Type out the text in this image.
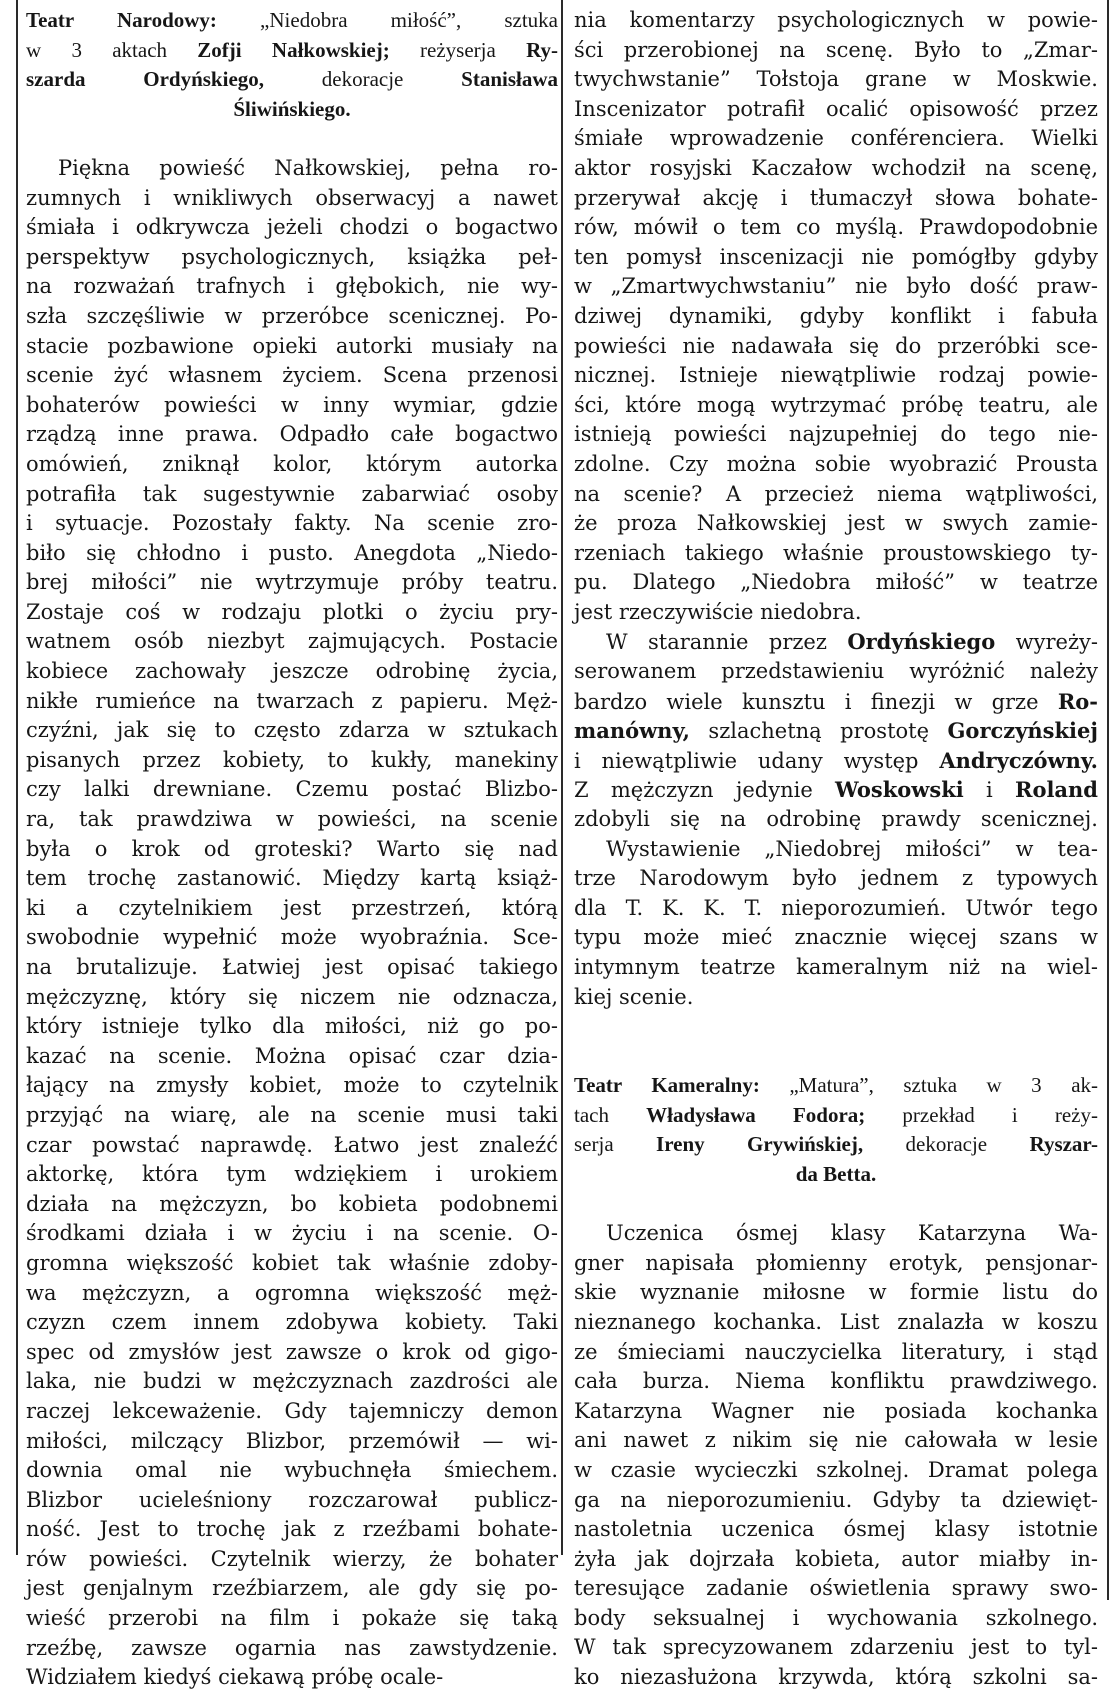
Teatr Narodowy: „Niedobra miłość”, sztuka
w 3 aktach Zofji Nałkowskiej; reżyserja Ry-
szarda Ordyńskiego, dekoracje Stanisława
Śliwińskiego.
Piękna powieść Nałkowskiej, pełna ro-
zumnych i wnikliwych obserwacyj a nawet
śmiała i odkrywcza jeżeli chodzi o bogactwo
perspektyw psychologicznych, książka peł-
na rozważań trafnych i głębokich, nie wy-
szła szczęśliwie w przeróbce scenicznej. Po-
stacie pozbawione opieki autorki musiały na
scenie żyć własnem życiem. Scena przenosi
bohaterów powieści w inny wymiar, gdzie
rządzą inne prawa. Odpadło całe bogactwo
omówień, zniknął kolor, którym autorka
potrafiła tak sugestywnie zabarwiać osoby
i sytuacje. Pozostały fakty. Na scenie zro-
biło się chłodno i pusto. Anegdota „Niedo-
brej miłości” nie wytrzymuje próby teatru.
Zostaje coś w rodzaju plotki o życiu pry-
watnem osób niezbyt zajmujących. Postacie
kobiece zachowały jeszcze odrobinę życia,
nikłe rumieńce na twarzach z papieru. Męż-
czyźni, jak się to często zdarza w sztukach
pisanych przez kobiety, to kukły, manekiny
czy lalki drewniane. Czemu postać Blizbo-
ra, tak prawdziwa w powieści, na scenie
była o krok od groteski? Warto się nad
tem trochę zastanowić. Między kartą książ-
ki a czytelnikiem jest przestrzeń, którą
swobodnie wypełnić może wyobraźnia. Sce-
na brutalizuje. Łatwiej jest opisać takiego
mężczyznę, który się niczem nie odznacza,
który istnieje tylko dla miłości, niż go po-
kazać na scenie. Można opisać czar dzia-
łający na zmysły kobiet, może to czytelnik
przyjąć na wiarę, ale na scenie musi taki
czar powstać naprawdę. Łatwo jest znaleźć
aktorkę, która tym wdziękiem i urokiem
działa na mężczyzn, bo kobieta podobnemi
środkami działa i w życiu i na scenie. O-
gromna większość kobiet tak właśnie zdoby-
wa mężczyzn, a ogromna większość męż-
czyzn czem innem zdobywa kobiety. Taki
spec od zmysłów jest zawsze o krok od gigo-
laka, nie budzi w mężczyznach zazdrości ale
raczej lekceważenie. Gdy tajemniczy demon
miłości, milczący Blizbor, przemówił — wi-
downia omal nie wybuchnęła śmiechem.
Blizbor ucieleśniony rozczarował publicz-
ność. Jest to trochę jak z rzeźbami bohate-
rów powieści. Czytelnik wierzy, że bohater
jest genjalnym rzeźbiarzem, ale gdy się po-
wieść przerobi na film i pokaże się taką
rzeźbę, zawsze ogarnia nas zawstydzenie.
Widziałem kiedyś ciekawą próbę ocale-
nia komentarzy psychologicznych w powie-
ści przerobionej na scenę. Było to „Zmar-
twychwstanie” Tołstoja grane w Moskwie.
Inscenizator potrafił ocalić opisowość przez
śmiałe wprowadzenie conférenciera. Wielki
aktor rosyjski Kaczałow wchodził na scenę,
przerywał akcję i tłumaczył słowa bohate-
rów, mówił o tem co myślą. Prawdopodobnie
ten pomysł inscenizacji nie pomógłby gdyby
w „Zmartwychwstaniu” nie było dość praw-
dziwej dynamiki, gdyby konflikt i fabuła
powieści nie nadawała się do przeróbki sce-
nicznej. Istnieje niewątpliwie rodzaj powie-
ści, które mogą wytrzymać próbę teatru, ale
istnieją powieści najzupełniej do tego nie-
zdolne. Czy można sobie wyobrazić Prousta
na scenie? A przecież niema wątpliwości,
że proza Nałkowskiej jest w swych zamie-
rzeniach takiego właśnie proustowskiego ty-
pu. Dlatego „Niedobra miłość” w teatrze
jest rzeczywiście niedobra.
W starannie przez Ordyńskiego wyreży-
serowanem przedstawieniu wyróżnić należy
bardzo wiele kunsztu i finezji w grze Ro-
manówny, szlachetną prostotę Gorczyńskiej
i niewątpliwie udany występ Andryczówny.
Z mężczyzn jedynie Woskowski i Roland
zdobyli się na odrobinę prawdy scenicznej.
Wystawienie „Niedobrej miłości” w tea-
trze Narodowym było jednem z typowych
dla T. K. K. T. nieporozumień. Utwór tego
typu może mieć znacznie więcej szans w
intymnym teatrze kameralnym niż na wiel-
kiej scenie.
Teatr Kameralny: „Matura”, sztuka w 3 ak-
tach Władysława Fodora; przekład i reży-
serja Ireny Grywińskiej, dekoracje Ryszar-
da Betta.
Uczenica ósmej klasy Katarzyna Wa-
gner napisała płomienny erotyk, pensjonar-
skie wyznanie miłosne w formie listu do
nieznanego kochanka. List znalazła w koszu
ze śmieciami nauczycielka literatury, i stąd
cała burza. Niema konfliktu prawdziwego.
Katarzyna Wagner nie posiada kochanka
ani nawet z nikim się nie całowała w lesie
w czasie wycieczki szkolnej. Dramat polega
ga na nieporozumieniu. Gdyby ta dziewięt-
nastoletnia uczenica ósmej klasy istotnie
żyła jak dojrzała kobieta, autor miałby in-
teresujące zadanie oświetlenia sprawy swo-
body seksualnej i wychowania szkolnego.
W tak sprecyzowanem zdarzeniu jest to tyl-
ko niezasłużona krzywda, którą szkolni sa-
